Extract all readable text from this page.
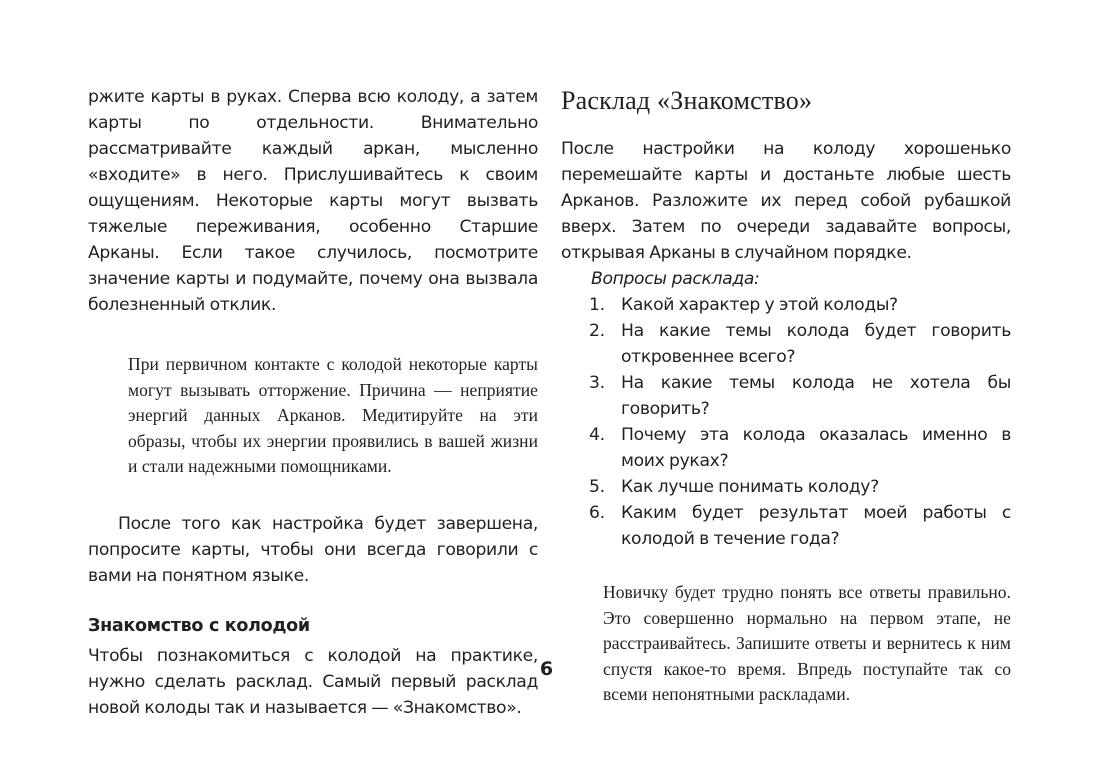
ржите карты в руках. Сперва всю колоду, а затем карты по отдельности. Внимательно рассматривайте каждый аркан, мысленно «входите» в него. Прислушивайтесь к своим ощущениям. Некоторые карты могут вызвать тяжелые переживания, особенно Старшие Арканы. Если такое случилось, посмотрите значение карты и подумайте, почему она вызвала болезненный отклик.

При первичном контакте с колодой некоторые карты могут вызывать отторжение. Причина — неприятие энергий данных Арканов. Медитируйте на эти образы, чтобы их энергии проявились в вашей жизни и стали надежными помощниками.

После того как настройка будет завершена, попросите карты, чтобы они всегда говорили с вами на понятном языке.

Знакомство с колодой

Чтобы познакомиться с колодой на практике, нужно сделать расклад. Самый первый расклад новой колоды так и называется — «Знакомство».

Расклад «Знакомство»

После настройки на колоду хорошенько перемешайте карты и достаньте любые шесть Арканов. Разложите их перед собой рубашкой вверх. Затем по очереди задавайте вопросы, открывая Арканы в случайном порядке.

Вопросы расклада:

1. Какой характер у этой колоды?
2. На какие темы колода будет говорить откровеннее всего?
3. На какие темы колода не хотела бы говорить?
4. Почему эта колода оказалась именно в моих руках?
5. Как лучше понимать колоду?
6. Каким будет результат моей работы с колодой в течение года?

Новичку будет трудно понять все ответы правильно. Это совершенно нормально на первом этапе, не расстраивайтесь. Запишите ответы и вернитесь к ним спустя какое-то время. Впредь поступайте так со всеми непонятными раскладами.

6
